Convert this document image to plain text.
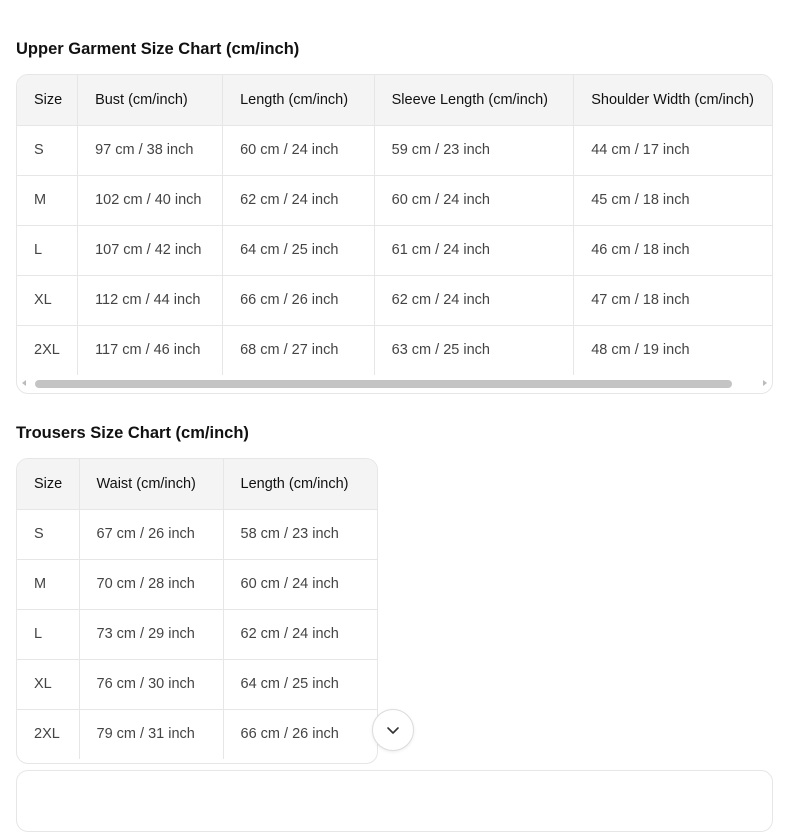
Upper Garment Size Chart (cm/inch)
Size	Bust (cm/inch)	Length (cm/inch)	Sleeve Length (cm/inch)	Shoulder Width (cm/inch)
S	97 cm / 38 inch	60 cm / 24 inch	59 cm / 23 inch	44 cm / 17 inch
M	102 cm / 40 inch	62 cm / 24 inch	60 cm / 24 inch	45 cm / 18 inch
L	107 cm / 42 inch	64 cm / 25 inch	61 cm / 24 inch	46 cm / 18 inch
XL	112 cm / 44 inch	66 cm / 26 inch	62 cm / 24 inch	47 cm / 18 inch
2XL	117 cm / 46 inch	68 cm / 27 inch	63 cm / 25 inch	48 cm / 19 inch
Trousers Size Chart (cm/inch)
Size	Waist (cm/inch)	Length (cm/inch)
S	67 cm / 26 inch	58 cm / 23 inch
M	70 cm / 28 inch	60 cm / 24 inch
L	73 cm / 29 inch	62 cm / 24 inch
XL	76 cm / 30 inch	64 cm / 25 inch
2XL	79 cm / 31 inch	66 cm / 26 inch
